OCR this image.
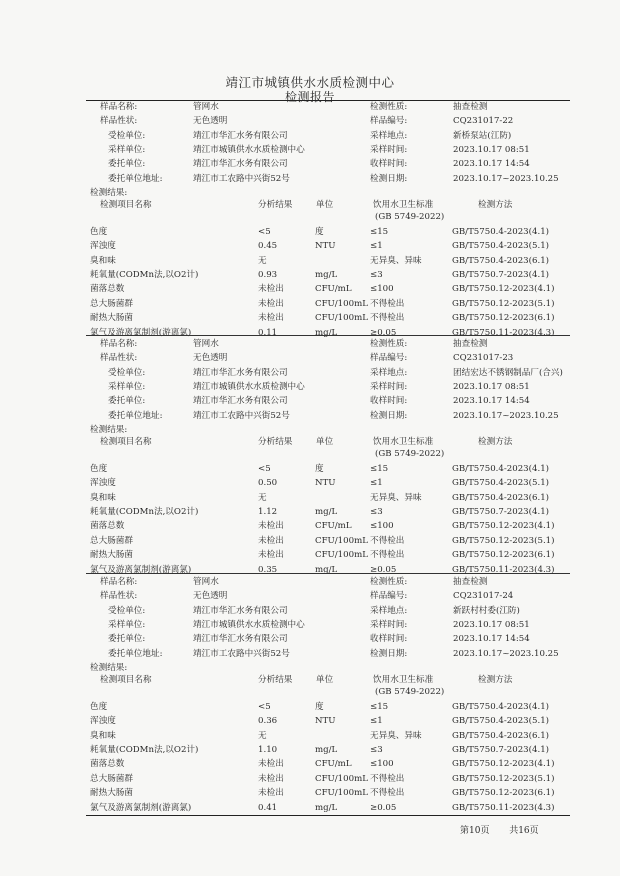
靖江市城镇供水水质检测中心
检测报告
样品名称:	管网水
样品性状:	无色透明
受检单位:	靖江市华汇水务有限公司
采样单位:	靖江市城镇供水水质检测中心
委托单位:	靖江市华汇水务有限公司
委托单位地址:	靖江市工农路中兴街52号
检测性质:	抽查检测
样品编号:	CQ231017-22
采样地点:	新桥泵站(江防)
采样时间:	2023.10.17 08:51
收样时间:	2023.10.17 14:54
检测日期:	2023.10.17~2023.10.25
检测结果:
检测项目名称	分析结果	单位	饮用水卫生标准
(GB 5749-2022)
检测方法
色度	<5	度	≤15	GB/T5750.4-2023(4.1)
浑浊度	0.45	NTU	≤1	GB/T5750.4-2023(5.1)
臭和味	无	无异臭、异味	GB/T5750.4-2023(6.1)
耗氧量(CODMn法,以O2计)	0.93	mg/L	≤3	GB/T5750.7-2023(4.1)
菌落总数	未检出	CFU/mL ≤100	GB/T5750.12-2023(4.1)
总大肠菌群	未检出	CFU/100mL 不得检出	GB/T5750.12-2023(5.1)
耐热大肠菌	未检出	CFU/100mL 不得检出	GB/T5750.12-2023(6.1)
氯气及游离氯制剂(游离氯)	0.11	mg/L	≥0.05	GB/T5750.11-2023(4.3)
样品名称:	管网水
样品性状:	无色透明
受检单位:	靖江市华汇水务有限公司
采样单位:	靖江市城镇供水水质检测中心
委托单位:	靖江市华汇水务有限公司
委托单位地址:	靖江市工农路中兴街52号
检测性质:	抽查检测
样品编号:	CQ231017-23
采样地点:	团结宏达不锈钢制品厂(合兴)
采样时间:	2023.10.17 08:51
收样时间:	2023.10.17 14:54
检测日期:	2023.10.17~2023.10.25
检测结果:
检测项目名称	分析结果	单位	饮用水卫生标准
(GB 5749-2022)
检测方法
色度	<5	度	≤15	GB/T5750.4-2023(4.1)
浑浊度	0.50	NTU	≤1	GB/T5750.4-2023(5.1)
臭和味	无	无异臭、异味	GB/T5750.4-2023(6.1)
耗氧量(CODMn法,以O2计)	1.12	mg/L	≤3	GB/T5750.7-2023(4.1)
菌落总数	未检出	CFU/mL ≤100	GB/T5750.12-2023(4.1)
总大肠菌群	未检出	CFU/100mL 不得检出	GB/T5750.12-2023(5.1)
耐热大肠菌	未检出	CFU/100mL 不得检出	GB/T5750.12-2023(6.1)
氯气及游离氯制剂(游离氯)	0.35	mg/L	≥0.05	GB/T5750.11-2023(4.3)
样品名称:	管网水
样品性状:	无色透明
受检单位:	靖江市华汇水务有限公司
采样单位:	靖江市城镇供水水质检测中心
委托单位:	靖江市华汇水务有限公司
委托单位地址:	靖江市工农路中兴街52号
检测性质:	抽查检测
样品编号:	CQ231017-24
采样地点:	新跃村村委(江防)
采样时间:	2023.10.17 08:51
收样时间:	2023.10.17 14:54
检测日期:	2023.10.17~2023.10.25
检测结果:
检测项目名称	分析结果	单位	饮用水卫生标准
(GB 5749-2022)
检测方法
色度	<5	度	≤15	GB/T5750.4-2023(4.1)
浑浊度	0.36	NTU	≤1	GB/T5750.4-2023(5.1)
臭和味	无	无异臭、异味	GB/T5750.4-2023(6.1)
耗氧量(CODMn法,以O2计)	1.10	mg/L	≤3	GB/T5750.7-2023(4.1)
菌落总数	未检出	CFU/mL ≤100	GB/T5750.12-2023(4.1)
总大肠菌群	未检出	CFU/100mL 不得检出	GB/T5750.12-2023(5.1)
耐热大肠菌	未检出	CFU/100mL 不得检出	GB/T5750.12-2023(6.1)
氯气及游离氯制剂(游离氯)	0.41	mg/L	≥0.05	GB/T5750.11-2023(4.3)
第10页 共16页
